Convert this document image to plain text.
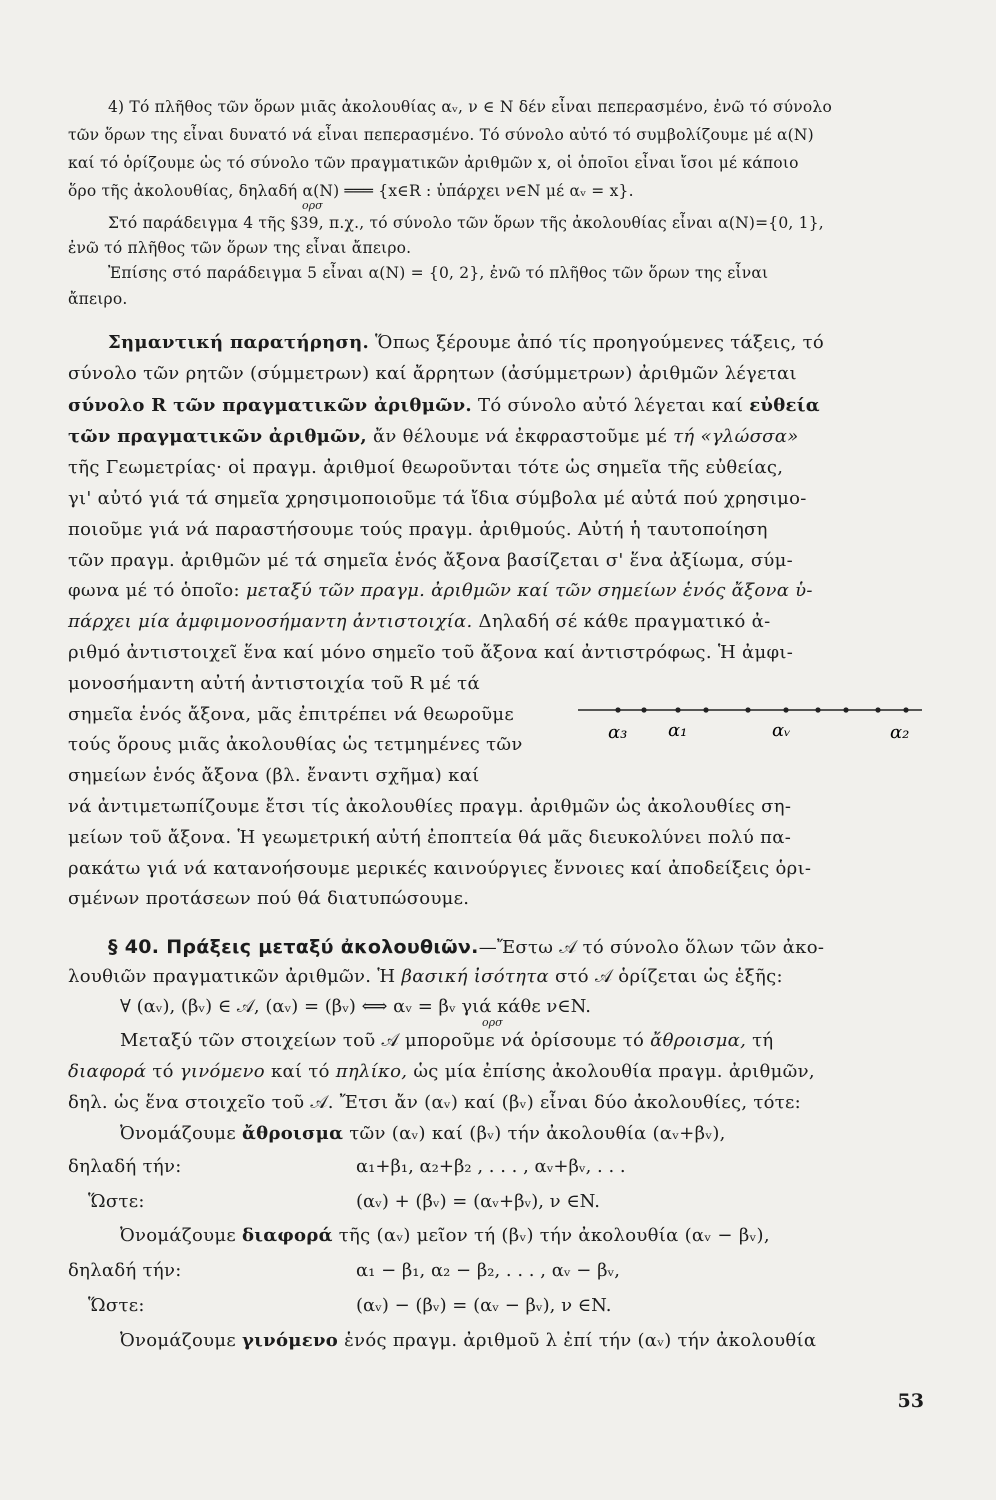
4) Τό πλῆθος τῶν ὅρων μιᾶς ἀκολουθίας αᵥ, ν ∈ N δέν εἶναι πεπερασμένο, ἐνῶ τό σύνολο
τῶν ὅρων της εἶναι δυνατό νά εἶναι πεπερασμένο. Τό σύνολο αὐτό τό συμβολίζουμε μέ α(N)
καί τό ὁρίζουμε ὡς τό σύνολο τῶν πραγματικῶν ἀριθμῶν x, οἱ ὁποῖοι εἶναι ἴσοι μέ κάποιο
ὅρο τῆς ἀκολουθίας, δηλαδή α(N) ═══ {x∈R : ὑπάρχει ν∈N μέ αᵥ = x}.
ορσ
Στό παράδειγμα 4 τῆς §39, π.χ., τό σύνολο τῶν ὅρων τῆς ἀκολουθίας εἶναι α(N)={0, 1},
ἐνῶ τό πλῆθος τῶν ὅρων της εἶναι ἄπειρο.
Ἐπίσης στό παράδειγμα 5 εἶναι α(N) = {0, 2}, ἐνῶ τό πλῆθος τῶν ὅρων της εἶναι
ἄπειρο.
Σημαντική παρατήρηση. Ὅπως ξέρουμε ἀπό τίς προηγούμενες τάξεις, τό
σύνολο τῶν ρητῶν (σύμμετρων) καί ἄρρητων (ἀσύμμετρων) ἀριθμῶν λέγεται
σύνολο R τῶν πραγματικῶν ἀριθμῶν. Τό σύνολο αὐτό λέγεται καί εὐθεία
τῶν πραγματικῶν ἀριθμῶν, ἄν θέλουμε νά ἐκφραστοῦμε μέ τή «γλώσσα»
τῆς Γεωμετρίας· οἱ πραγμ. ἀριθμοί θεωροῦνται τότε ὡς σημεῖα τῆς εὐθείας,
γι' αὐτό γιά τά σημεῖα χρησιμοποιοῦμε τά ἴδια σύμβολα μέ αὐτά πού χρησιμο-
ποιοῦμε γιά νά παραστήσουμε τούς πραγμ. ἀριθμούς. Αὐτή ἡ ταυτοποίηση
τῶν πραγμ. ἀριθμῶν μέ τά σημεῖα ἑνός ἄξονα βασίζεται σ' ἕνα ἀξίωμα, σύμ-
φωνα μέ τό ὁποῖο: μεταξύ τῶν πραγμ. ἀριθμῶν καί τῶν σημείων ἑνός ἄξονα ὑ-
πάρχει μία ἀμφιμονοσήμαντη ἀντιστοιχία. Δηλαδή σέ κάθε πραγματικό ἀ-
ριθμό ἀντιστοιχεῖ ἕνα καί μόνο σημεῖο τοῦ ἄξονα καί ἀντιστρόφως. Ἡ ἀμφι-
μονοσήμαντη αὐτή ἀντιστοιχία τοῦ R μέ τά
σημεῖα ἑνός ἄξονα, μᾶς ἐπιτρέπει νά θεωροῦμε
τούς ὅρους μιᾶς ἀκολουθίας ὡς τετμημένες τῶν
σημείων ἑνός ἄξονα (βλ. ἔναντι σχῆμα) καί
νά ἀντιμετωπίζουμε ἔτσι τίς ἀκολουθίες πραγμ. ἀριθμῶν ὡς ἀκολουθίες ση-
μείων τοῦ ἄξονα. Ἡ γεωμετρική αὐτή ἐποπτεία θά μᾶς διευκολύνει πολύ πα-
ρακάτω γιά νά κατανοήσουμε μερικές καινούργιες ἔννοιες καί ἀποδείξεις ὁρι-
σμένων προτάσεων πού θά διατυπώσουμε.
α₃ α₁	αᵥ	α₂
§ 40. Πράξεις μεταξύ ἀκολουθιῶν.—Ἔστω 𝒜 τό σύνολο ὅλων τῶν ἀκο-
λουθιῶν πραγματικῶν ἀριθμῶν. Ἡ βασική ἰσότητα στό 𝒜 ὁρίζεται ὡς ἑξῆς:
∀ (αᵥ), (βᵥ) ∈ 𝒜, (αᵥ) = (βᵥ) ⟺ αᵥ = βᵥ γιά κάθε ν∈N.
ορσ
Μεταξύ τῶν στοιχείων τοῦ 𝒜 μποροῦμε νά ὁρίσουμε τό ἄθροισμα, τή
διαφορά τό γινόμενο καί τό πηλίκο, ὡς μία ἐπίσης ἀκολουθία πραγμ. ἀριθμῶν,
δηλ. ὡς ἕνα στοιχεῖο τοῦ 𝒜. Ἔτσι ἄν (αᵥ) καί (βᵥ) εἶναι δύο ἀκολουθίες, τότε:
Ὀνομάζουμε ἄθροισμα τῶν (αᵥ) καί (βᵥ) τήν ἀκολουθία (αᵥ+βᵥ),
δηλαδή τήν:	α₁+β₁, α₂+β₂ , . . . , αᵥ+βᵥ, . . .
Ὥστε:	(αᵥ) + (βᵥ) = (αᵥ+βᵥ), ν ∈N.
Ὀνομάζουμε διαφορά τῆς (αᵥ) μεῖον τή (βᵥ) τήν ἀκολουθία (αᵥ − βᵥ),
δηλαδή τήν:	α₁ − β₁, α₂ − β₂, . . . , αᵥ − βᵥ,
Ὥστε:	(αᵥ) − (βᵥ) = (αᵥ − βᵥ), ν ∈N.
Ὀνομάζουμε γινόμενο ἑνός πραγμ. ἀριθμοῦ λ ἐπί τήν (αᵥ) τήν ἀκολουθία
53
